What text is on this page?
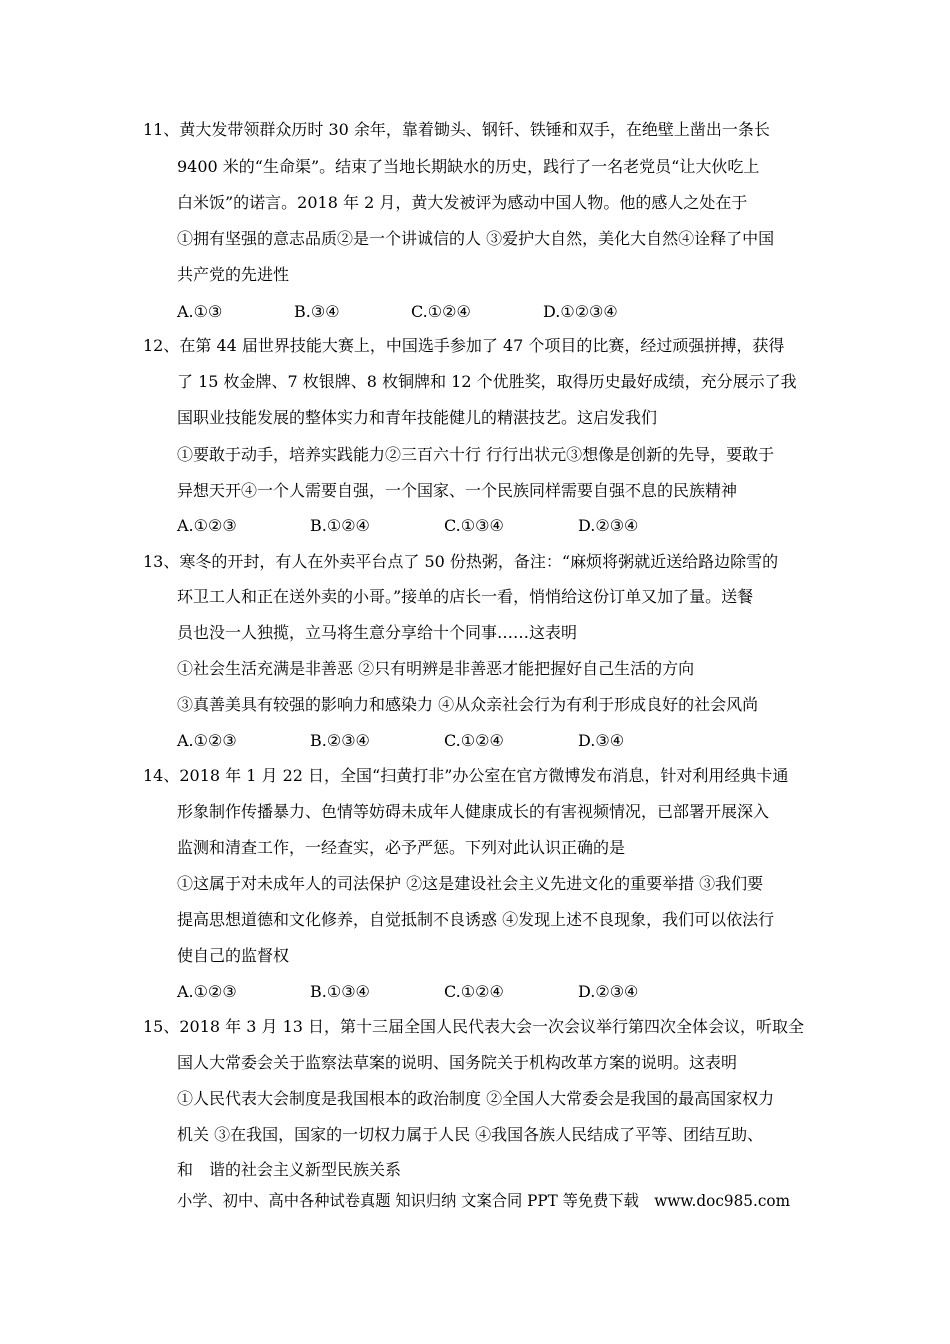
11、黄大发带领群众历时 30 余年，靠着锄头、钢钎、铁锤和双手，在绝壁上凿出一条长
9400 米的“生命渠”。结束了当地长期缺水的历史，践行了一名老党员“让大伙吃上
白米饭”的诺言。2018 年 2 月，黄大发被评为感动中国人物。他的感人之处在于
①拥有坚强的意志品质②是一个讲诚信的人 ③爱护大自然，美化大自然④诠释了中国
共产党的先进性
A.①③	B.③④	C.①②④	D.①②③④
12、在第 44 届世界技能大赛上，中国选手参加了 47 个项目的比赛，经过顽强拼搏，获得
了 15 枚金牌、7 枚银牌、8 枚铜牌和 12 个优胜奖，取得历史最好成绩，充分展示了我
国职业技能发展的整体实力和青年技能健儿的精湛技艺。这启发我们
①要敢于动手，培养实践能力②三百六十行 行行出状元③想像是创新的先导，要敢于
异想天开④一个人需要自强，一个国家、一个民族同样需要自强不息的民族精神
A.①②③	B.①②④	C.①③④	D.②③④
13、寒冬的开封，有人在外卖平台点了 50 份热粥，备注：“麻烦将粥就近送给路边除雪的
环卫工人和正在送外卖的小哥。”接单的店长一看，悄悄给这份订单又加了量。送餐
员也没一人独揽，立马将生意分享给十个同事……这表明
①社会生活充满是非善恶 ②只有明辨是非善恶才能把握好自己生活的方向
③真善美具有较强的影响力和感染力 ④从众亲社会行为有利于形成良好的社会风尚
A.①②③	B.②③④	C.①②④	D.③④
14、2018 年 1 月 22 日，全国“扫黄打非”办公室在官方微博发布消息，针对利用经典卡通
形象制作传播暴力、色情等妨碍未成年人健康成长的有害视频情况，已部署开展深入
监测和清查工作，一经查实，必予严惩。下列对此认识正确的是
①这属于对未成年人的司法保护 ②这是建设社会主义先进文化的重要举措 ③我们要
提高思想道德和文化修养，自觉抵制不良诱惑 ④发现上述不良现象，我们可以依法行
使自己的监督权
A.①②③	B.①③④	C.①②④	D.②③④
15、2018 年 3 月 13 日，第十三届全国人民代表大会一次会议举行第四次全体会议，听取全
国人大常委会关于监察法草案的说明、国务院关于机构改革方案的说明。这表明
①人民代表大会制度是我国根本的政治制度 ②全国人大常委会是我国的最高国家权力
机关 ③在我国，国家的一切权力属于人民 ④我国各族人民结成了平等、团结互助、
和　谐的社会主义新型民族关系
小学、初中、高中各种试卷真题 知识归纳 文案合同 PPT 等免费下载　www.doc985.com
